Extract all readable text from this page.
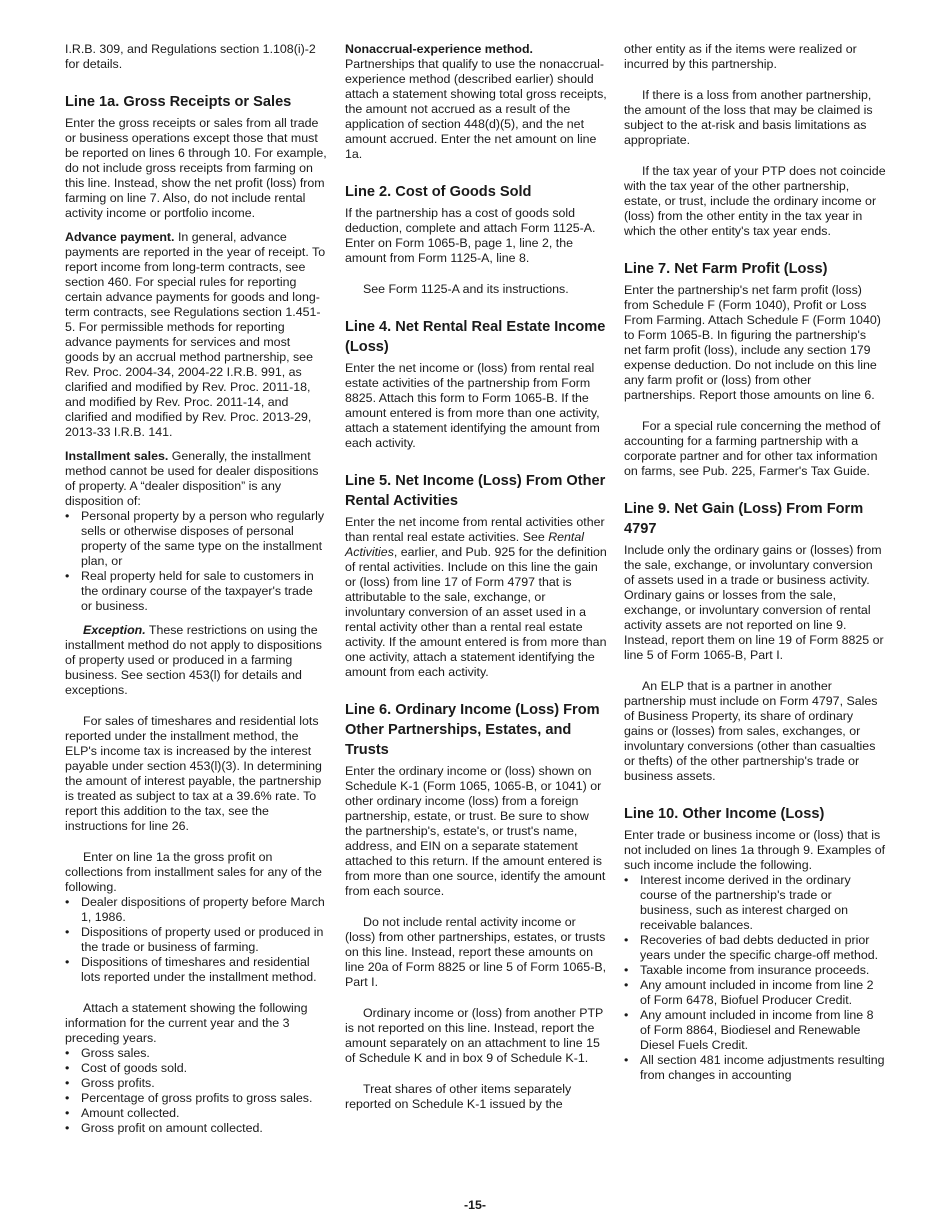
I.R.B. 309, and Regulations section 1.108(i)-2 for details.

Line 1a. Gross Receipts or Sales

Enter the gross receipts or sales from all trade or business operations except those that must be reported on lines 6 through 10. For example, do not include gross receipts from farming on this line. Instead, show the net profit (loss) from farming on line 7. Also, do not include rental activity income or portfolio income.

Advance payment. In general, advance payments are reported in the year of receipt. To report income from long-term contracts, see section 460. For special rules for reporting certain advance payments for goods and long-term contracts, see Regulations section 1.451-5. For permissible methods for reporting advance payments for services and most goods by an accrual method partnership, see Rev. Proc. 2004-34, 2004-22 I.R.B. 991, as clarified and modified by Rev. Proc. 2011-18, and modified by Rev. Proc. 2011-14, and clarified and modified by Rev. Proc. 2013-29, 2013-33 I.R.B. 141.

Installment sales. Generally, the installment method cannot be used for dealer dispositions of property. A “dealer disposition” is any disposition of:

• Personal property by a person who regularly sells or otherwise disposes of personal property of the same type on the installment plan, or
• Real property held for sale to customers in the ordinary course of the taxpayer's trade or business.

Exception. These restrictions on using the installment method do not apply to dispositions of property used or produced in a farming business. See section 453(l) for details and exceptions.

For sales of timeshares and residential lots reported under the installment method, the ELP's income tax is increased by the interest payable under section 453(l)(3). In determining the amount of interest payable, the partnership is treated as subject to tax at a 39.6% rate. To report this addition to the tax, see the instructions for line 26.

Enter on line 1a the gross profit on collections from installment sales for any of the following.

• Dealer dispositions of property before March 1, 1986.
• Dispositions of property used or produced in the trade or business of farming.
• Dispositions of timeshares and residential lots reported under the installment method.

Attach a statement showing the following information for the current year and the 3 preceding years.

• Gross sales.
• Cost of goods sold.
• Gross profits.
• Percentage of gross profits to gross sales.
• Amount collected.
• Gross profit on amount collected.

Nonaccrual-experience method.
Partnerships that qualify to use the nonaccrual-experience method (described earlier) should attach a statement showing total gross receipts, the amount not accrued as a result of the application of section 448(d)(5), and the net amount accrued. Enter the net amount on line 1a.

Line 2. Cost of Goods Sold

If the partnership has a cost of goods sold deduction, complete and attach Form 1125-A. Enter on Form 1065-B, page 1, line 2, the amount from Form 1125-A, line 8.

See Form 1125-A and its instructions.

Line 4. Net Rental Real Estate Income (Loss)

Enter the net income or (loss) from rental real estate activities of the partnership from Form 8825. Attach this form to Form 1065-B. If the amount entered is from more than one activity, attach a statement identifying the amount from each activity.

Line 5. Net Income (Loss) From Other Rental Activities

Enter the net income from rental activities other than rental real estate activities. See Rental Activities, earlier, and Pub. 925 for the definition of rental activities. Include on this line the gain or (loss) from line 17 of Form 4797 that is attributable to the sale, exchange, or involuntary conversion of an asset used in a rental activity other than a rental real estate activity. If the amount entered is from more than one activity, attach a statement identifying the amount from each activity.

Line 6. Ordinary Income (Loss) From Other Partnerships, Estates, and Trusts

Enter the ordinary income or (loss) shown on Schedule K-1 (Form 1065, 1065-B, or 1041) or other ordinary income (loss) from a foreign partnership, estate, or trust. Be sure to show the partnership's, estate's, or trust's name, address, and EIN on a separate statement attached to this return. If the amount entered is from more than one source, identify the amount from each source.

Do not include rental activity income or (loss) from other partnerships, estates, or trusts on this line. Instead, report these amounts on line 20a of Form 8825 or line 5 of Form 1065-B, Part I.

Ordinary income or (loss) from another PTP is not reported on this line. Instead, report the amount separately on an attachment to line 15 of Schedule K and in box 9 of Schedule K-1.

Treat shares of other items separately reported on Schedule K-1 issued by the

other entity as if the items were realized or incurred by this partnership.

If there is a loss from another partnership, the amount of the loss that may be claimed is subject to the at-risk and basis limitations as appropriate.

If the tax year of your PTP does not coincide with the tax year of the other partnership, estate, or trust, include the ordinary income or (loss) from the other entity in the tax year in which the other entity's tax year ends.

Line 7. Net Farm Profit (Loss)

Enter the partnership's net farm profit (loss) from Schedule F (Form 1040), Profit or Loss From Farming. Attach Schedule F (Form 1040) to Form 1065-B. In figuring the partnership's net farm profit (loss), include any section 179 expense deduction. Do not include on this line any farm profit or (loss) from other partnerships. Report those amounts on line 6.

For a special rule concerning the method of accounting for a farming partnership with a corporate partner and for other tax information on farms, see Pub. 225, Farmer's Tax Guide.

Line 9. Net Gain (Loss) From Form 4797

Include only the ordinary gains or (losses) from the sale, exchange, or involuntary conversion of assets used in a trade or business activity. Ordinary gains or losses from the sale, exchange, or involuntary conversion of rental activity assets are not reported on line 9. Instead, report them on line 19 of Form 8825 or line 5 of Form 1065-B, Part I.

An ELP that is a partner in another partnership must include on Form 4797, Sales of Business Property, its share of ordinary gains or (losses) from sales, exchanges, or involuntary conversions (other than casualties or thefts) of the other partnership's trade or business assets.

Line 10. Other Income (Loss)

Enter trade or business income or (loss) that is not included on lines 1a through 9. Examples of such income include the following.

• Interest income derived in the ordinary course of the partnership's trade or business, such as interest charged on receivable balances.
• Recoveries of bad debts deducted in prior years under the specific charge-off method.
• Taxable income from insurance proceeds.
• Any amount included in income from line 2 of Form 6478, Biofuel Producer Credit.
• Any amount included in income from line 8 of Form 8864, Biodiesel and Renewable Diesel Fuels Credit.
• All section 481 income adjustments resulting from changes in accounting
-15-
